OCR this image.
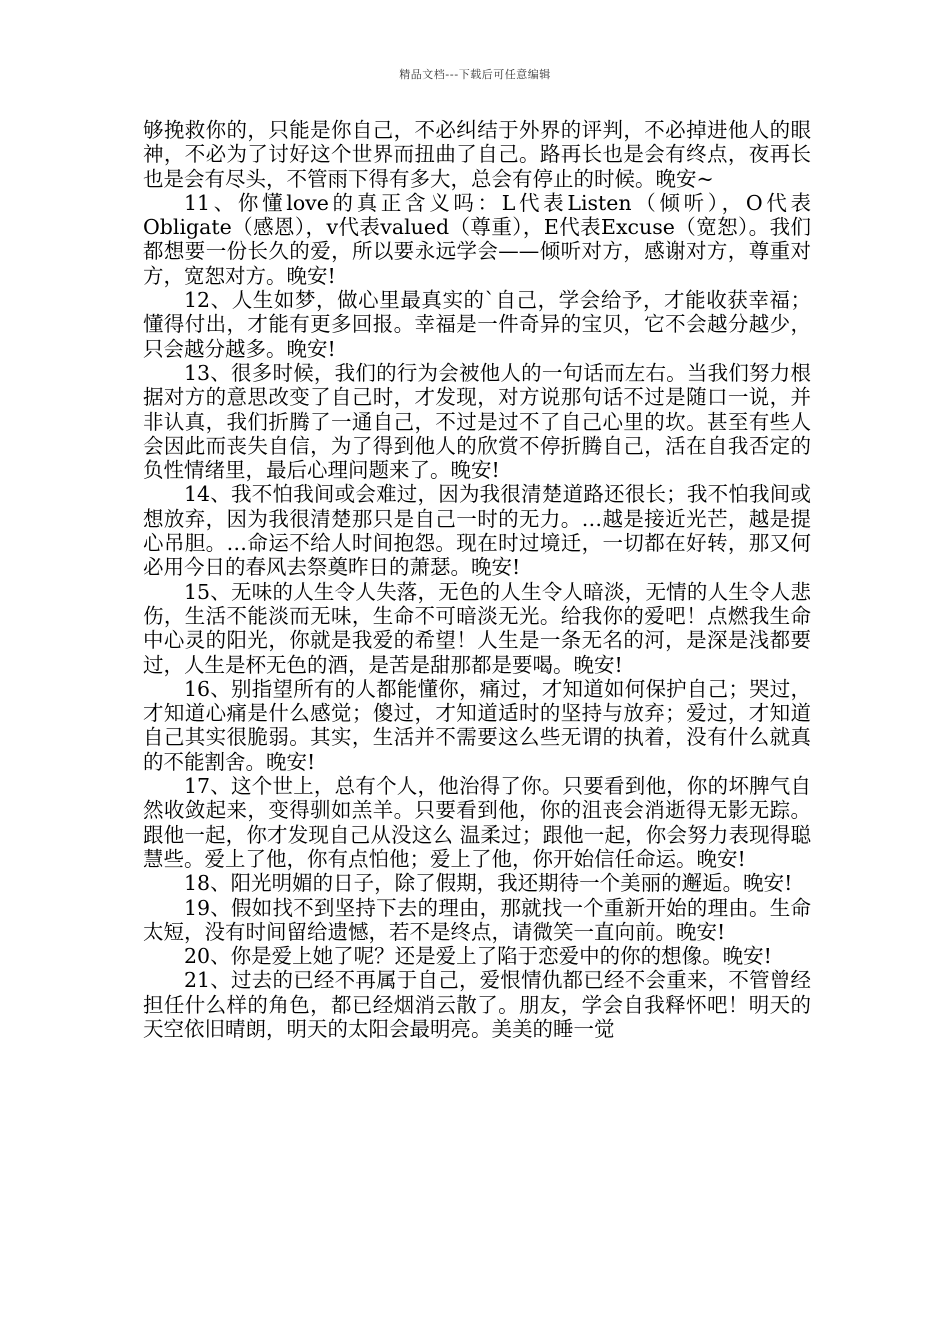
精品文档---下载后可任意编辑

够挽救你的，只能是你自己，不必纠结于外界的评判，不必掉进他人的眼神，不必为了讨好这个世界而扭曲了自己。路再长也是会有终点，夜再长也是会有尽头，不管雨下得有多大，总会有停止的时候。晚安~

11、你懂love的真正含义吗：L代表Listen（倾听），O代表Obligate（感恩），v代表valued（尊重），E代表Excuse（宽恕）。我们都想要一份长久的爱，所以要永远学会——倾听对方，感谢对方，尊重对方，宽恕对方。晚安!

12、人生如梦，做心里最真实的`自己，学会给予，才能收获幸福；懂得付出，才能有更多回报。幸福是一件奇异的宝贝，它不会越分越少，只会越分越多。晚安!

13、很多时候，我们的行为会被他人的一句话而左右。当我们努力根据对方的意思改变了自己时，才发现，对方说那句话不过是随口一说，并非认真，我们折腾了一通自己，不过是过不了自己心里的坎。甚至有些人会因此而丧失自信，为了得到他人的欣赏不停折腾自己，活在自我否定的负性情绪里，最后心理问题来了。晚安!

14、我不怕我间或会难过，因为我很清楚道路还很长；我不怕我间或想放弃，因为我很清楚那只是自己一时的无力。…越是接近光芒，越是提心吊胆。…命运不给人时间抱怨。现在时过境迁，一切都在好转，那又何必用今日的春风去祭奠昨日的萧瑟。晚安!

15、无味的人生令人失落，无色的人生令人暗淡，无情的人生令人悲伤，生活不能淡而无味，生命不可暗淡无光。给我你的爱吧！点燃我生命中心灵的阳光，你就是我爱的希望！人生是一条无名的河，是深是浅都要过，人生是杯无色的酒，是苦是甜那都是要喝。晚安!

16、别指望所有的人都能懂你，痛过，才知道如何保护自己；哭过，才知道心痛是什么感觉；傻过，才知道适时的坚持与放弃；爱过，才知道自己其实很脆弱。其实，生活并不需要这么些无谓的执着，没有什么就真的不能割舍。晚安!

17、这个世上，总有个人，他治得了你。只要看到他，你的坏脾气自然收敛起来，变得驯如羔羊。只要看到他，你的沮丧会消逝得无影无踪。跟他一起，你才发现自己从没这么 温柔过；跟他一起，你会努力表现得聪慧些。爱上了他，你有点怕他；爱上了他，你开始信任命运。晚安!

18、阳光明媚的日子，除了假期，我还期待一个美丽的邂逅。晚安!

19、假如找不到坚持下去的理由，那就找一个重新开始的理由。生命太短，没有时间留给遗憾，若不是终点，请微笑一直向前。晚安!

20、你是爱上她了呢？还是爱上了陷于恋爱中的你的想像。晚安!

21、过去的已经不再属于自己，爱恨情仇都已经不会重来，不管曾经担任什么样的角色，都已经烟消云散了。朋友，学会自我释怀吧！明天的天空依旧晴朗，明天的太阳会最明亮。美美的睡一觉
